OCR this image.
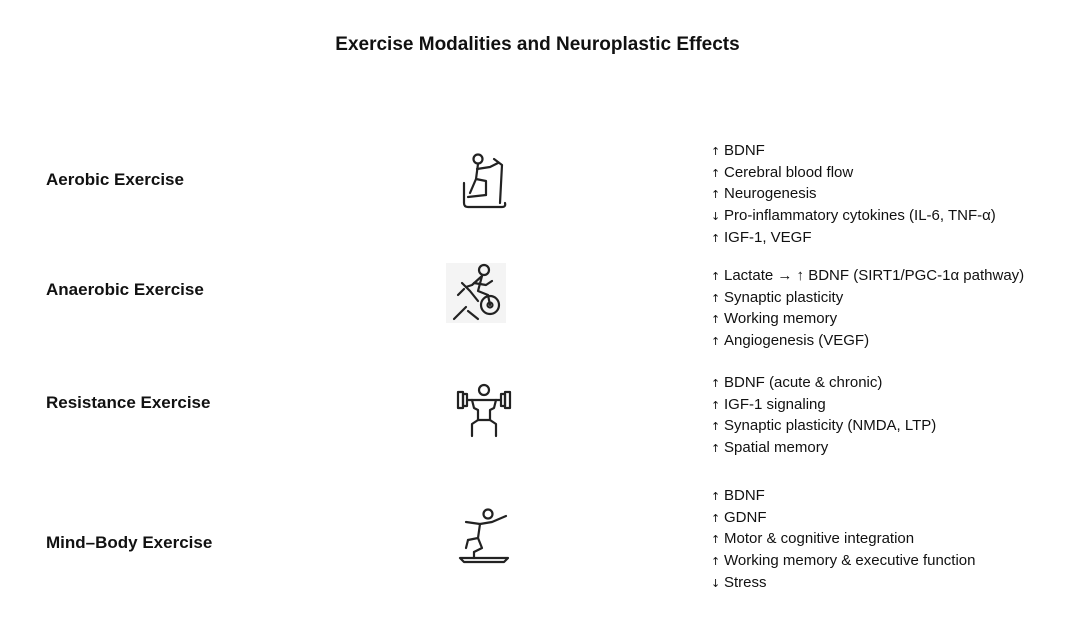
Exercise Modalities and Neuroplastic Effects
Aerobic Exercise
↑ BDNF
↑ Cerebral blood flow
↑ Neurogenesis
↓ Pro-inflammatory cytokines (IL-6, TNF-α)
↑ IGF-1, VEGF
Anaerobic Exercise
↑ Lactate → ↑ BDNF (SIRT1/PGC-1α pathway)
↑ Synaptic plasticity
↑ Working memory
↑ Angiogenesis (VEGF)
Resistance Exercise
↑ BDNF (acute & chronic)
↑ IGF-1 signaling
↑ Synaptic plasticity (NMDA, LTP)
↑ Spatial memory
Mind–Body Exercise
↑ BDNF
↑ GDNF
↑ Motor & cognitive integration
↑ Working memory & executive function
↓ Stress
